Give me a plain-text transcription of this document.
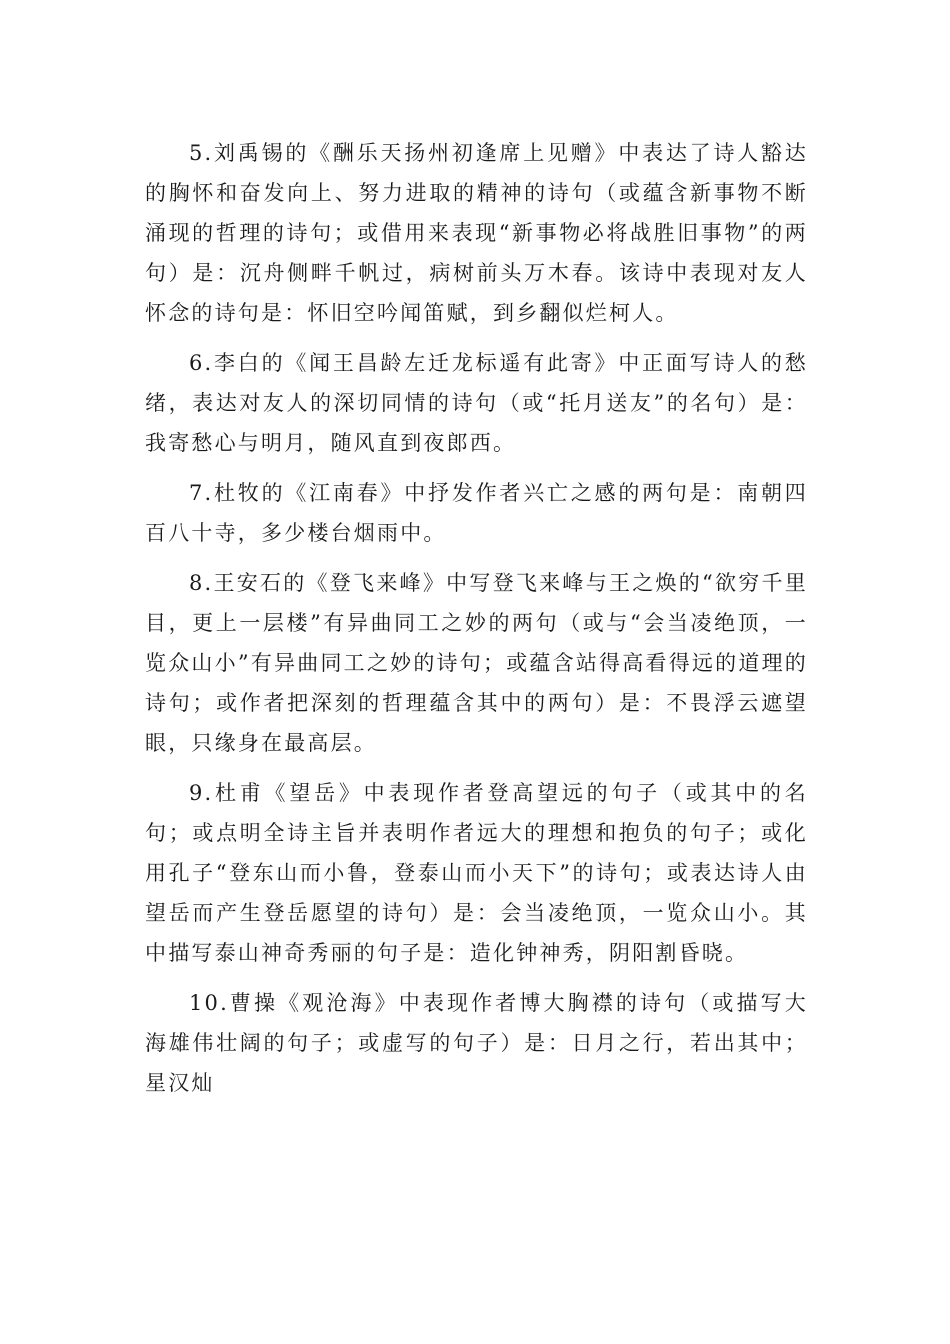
5.刘禹锡的《酬乐天扬州初逢席上见赠》中表达了诗人豁达的胸怀和奋发向上、努力进取的精神的诗句（或蕴含新事物不断涌现的哲理的诗句；或借用来表现“新事物必将战胜旧事物”的两句）是：沉舟侧畔千帆过，病树前头万木春。该诗中表现对友人怀念的诗句是：怀旧空吟闻笛赋，到乡翻似烂柯人。

6.李白的《闻王昌龄左迁龙标遥有此寄》中正面写诗人的愁绪，表达对友人的深切同情的诗句（或“托月送友”的名句）是：我寄愁心与明月，随风直到夜郎西。

7.杜牧的《江南春》中抒发作者兴亡之感的两句是：南朝四百八十寺，多少楼台烟雨中。

8.王安石的《登飞来峰》中写登飞来峰与王之焕的“欲穷千里目，更上一层楼”有异曲同工之妙的两句（或与“会当凌绝顶，一览众山小”有异曲同工之妙的诗句；或蕴含站得高看得远的道理的诗句；或作者把深刻的哲理蕴含其中的两句）是：不畏浮云遮望眼，只缘身在最高层。

9.杜甫《望岳》中表现作者登高望远的句子（或其中的名句；或点明全诗主旨并表明作者远大的理想和抱负的句子；或化用孔子“登东山而小鲁，登泰山而小天下”的诗句；或表达诗人由望岳而产生登岳愿望的诗句）是：会当凌绝顶，一览众山小。其中描写泰山神奇秀丽的句子是：造化钟神秀，阴阳割昏晓。

10.曹操《观沧海》中表现作者博大胸襟的诗句（或描写大海雄伟壮阔的句子；或虚写的句子）是：日月之行，若出其中；星汉灿
